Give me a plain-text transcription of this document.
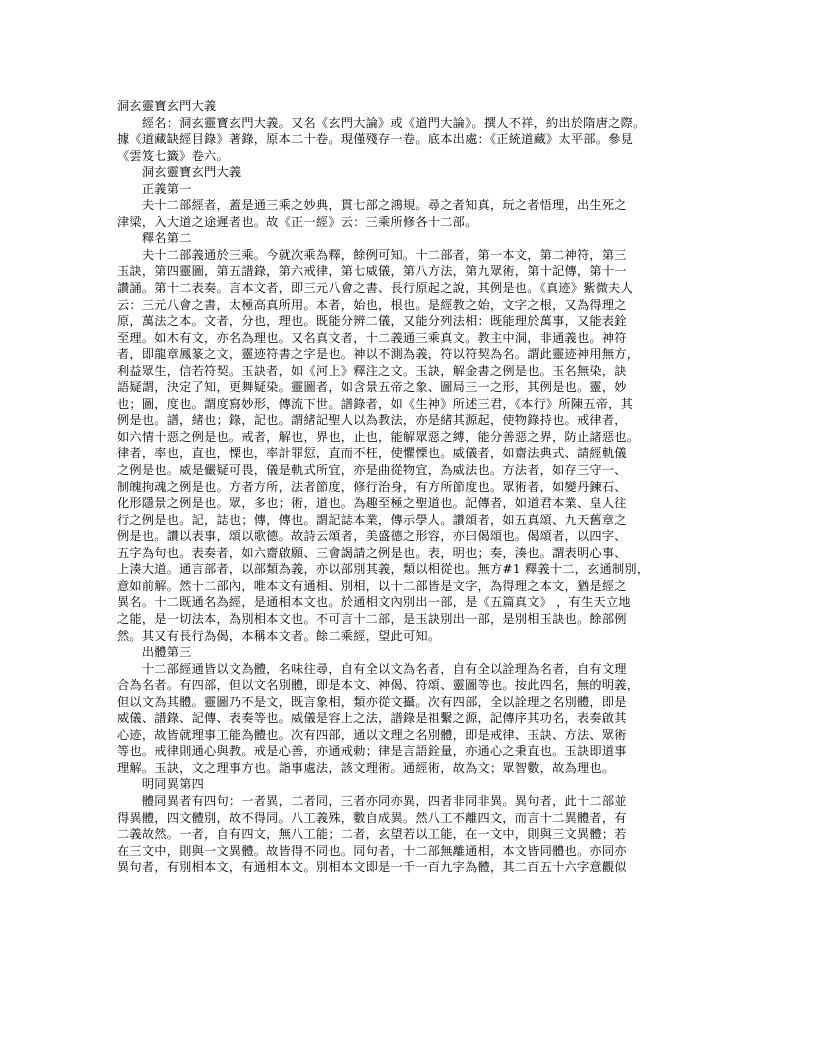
洞玄靈寶玄門大義
　　經名：洞玄靈寶玄門大義。又名《玄門大論》或《道門大論》。撰人不祥，約出於隋唐之際。
據《道藏缺經目錄》著錄，原本二十卷。現僅殘存一卷。底本出處：《正統道藏》太平部。參見
《雲笈七籤》卷六。
　　洞玄靈寶玄門大義
　　正義第一
　　夫十二部經者，蓋是通三乘之妙典，貫七部之鴻規。尋之者知真，玩之者悟理，出生死之
津梁，入大道之途遲者也。故《正一經》云：三乘所修各十二部。
　　釋名第二
　　夫十二部義通於三乘。今就次乘為釋，餘例可知。十二部者，第一本文，第二神符，第三
玉訣，第四靈圖，第五譜錄，第六戒律，第七威儀，第八方法，第九眾術，第十記傳，第十一
讚誦。第十二表奏。言本文者，即三元八會之書、長行原起之說，其例是也。《真迹》紫微夫人
云：三元八會之書，太極高真所用。本者，始也，根也。是經教之始，文字之根，又為得理之
原，萬法之本。文者，分也，理也。既能分辨二儀，又能分列法相：既能理於萬事，又能表銓
至理。如木有文，亦名為理也。又名真文者，十二義通三乘真文。教主中洞，非通義也。神符
者，即龍章鳳篆之文，靈迹符書之字是也。神以不測為義，符以符契為名。謂此靈迹神用無方，
利益眾生，信若符契。玉訣者，如《河上》釋注之文。玉訣，解金書之例是也。玉名無染，訣
語疑謂，決定了知，更舞疑染。靈圖者，如含景五帝之象、圖局三一之形，其例是也。靈，妙
也；圖，度也。謂度寫妙形，傳流下世。譜錄者，如《生神》所述三君，《本行》所陳五帝，其
例是也。譜，緒也；錄，記也。謂緒記聖人以為教法，亦是緒其源起，使物錄持也。戒律者，
如六情十惡之例是也。戒者，解也，界也，止也，能解眾惡之縛，能分善惡之界，防止諸惡也。
律者，率也，直也，慄也，率計罪愆，直而不枉，使懼慄也。威儀者，如齋法典式、請經軌儀
之例是也。威是儼疑可畏，儀是軌式所宜，亦是曲從物宜，為威法也。方法者，如存三守一、
制魄拘魂之例是也。方者方所，法者節度，修行治身，有方所節度也。眾術者，如變丹鍊石、
化形隱景之例是也。眾，多也；術，道也。為趣至極之聖道也。記傳者，如道君本業、皇人往
行之例是也。記，誌也；傳，傳也。謂記誌本業，傳示學人。讚頌者，如五真頌、九天舊章之
例是也。讚以表事，頌以歌德。故詩云頌者，美盛德之形容，亦曰偈頌也。偈頌者，以四字、
五字為句也。表奏者，如六齋啟願、三會謁請之例是也。表，明也；奏，湊也。謂表明心事、
上湊大道。通言部者，以部類為義，亦以部別其義，類以相從也。無方#1 釋義十二，玄通制別，
意如前解。然十二部內，唯本文有通相、別相，以十二部皆是文字，為得理之本文，猶是經之
異名。十二既通名為經，是通相本文也。於通相文內別出一部，是《五篇真文》 ，有生天立地
之能，是一切法本，為別相本文也。不可言十二部，是玉訣別出一部，是別相玉訣也。餘部例
然。其又有長行為偈，本稱本文者。餘二乘經，望此可知。
　　出體第三
　　十二部經通皆以文為體，名味往尋，自有全以文為名者，自有全以詮理為名者，自有文理
合為名者。有四部，但以文名別體，即是本文、神偈、符頌、靈圖等也。按此四名，無的明義，
但以文為其體。靈圖乃不是文，既言象相，類亦從文攝。次有四部，全以詮理之名別體，即是
威儀、譜錄、記傳、表奏等也。威儀是容上之法，譜錄是祖繫之源，記傳序其功名，表奏啟其
心迹，故皆就理事工能為體也。次有四部，通以文理之名別體，即是戒律、玉訣、方法、眾術
等也。戒律則通心與教。戒是心善，亦通戒勅；律是言語銓量，亦通心之秉直也。玉訣即道事
理解。玉訣，文之理事方也。詣事處法，該文理術。通經術，故為文；眾智數，故為理也。
　　明同異第四
　　體同異者有四句：一者異，二者同，三者亦同亦異，四者非同非異。異句者，此十二部並
得異體，四文體別，故不得同。八工義殊，數自成異。然八工不離四文，而言十二異體者，有
二義故然。一者，自有四文，無八工能；二者，玄望若以工能，在一文中，則與三文異體；若
在三文中，則與一文異體。故皆得不同也。同句者，十二部無離通相，本文皆同體也。亦同亦
異句者，有別相本文，有通相本文。別相本文即是一千一百九字為體，其二百五十六字意觀似
